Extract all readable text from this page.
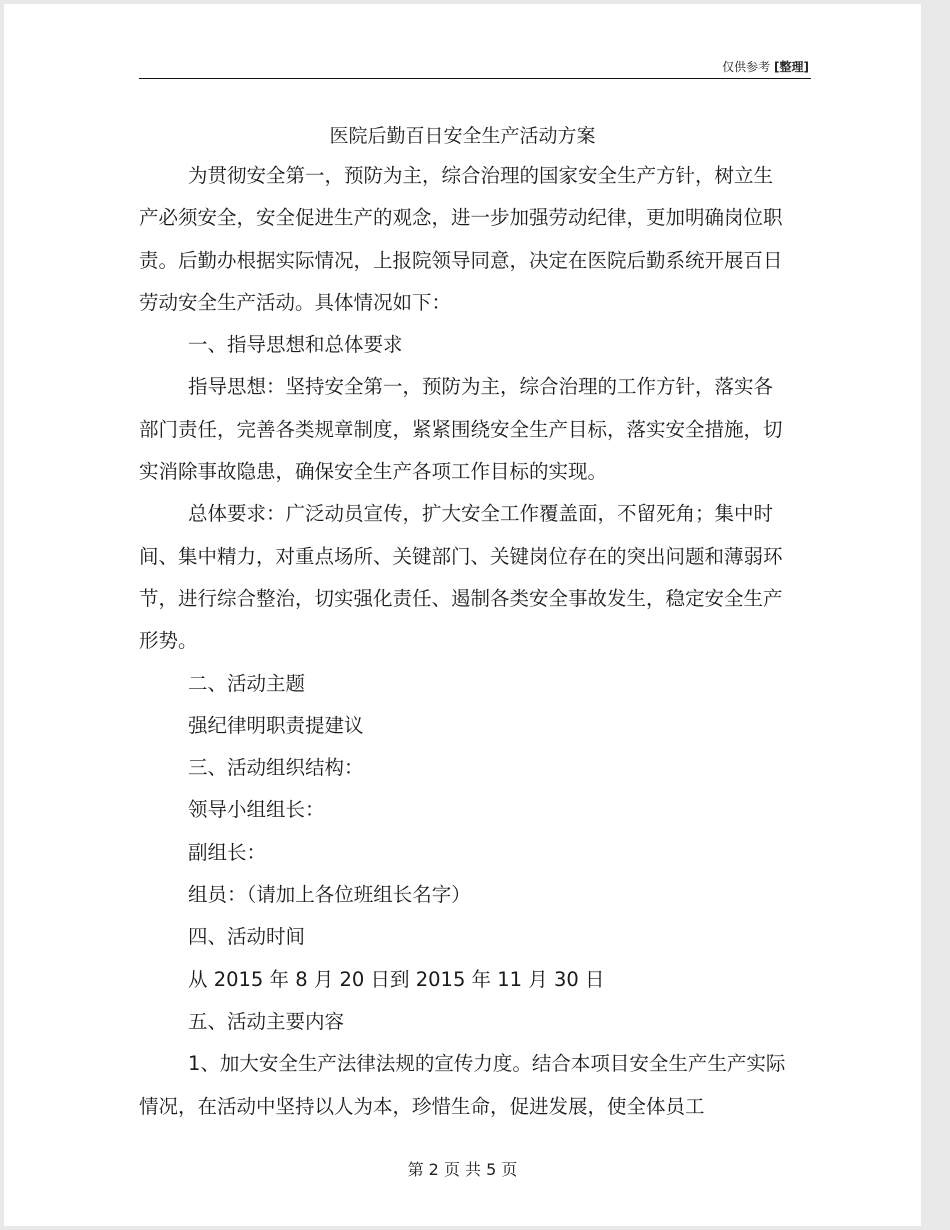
仅供参考 [整理]
医院后勤百日安全生产活动方案

为贯彻安全第一，预防为主，综合治理的国家安全生产方针，树立生产必须安全，安全促进生产的观念，进一步加强劳动纪律，更加明确岗位职责。后勤办根据实际情况，上报院领导同意，决定在医院后勤系统开展百日劳动安全生产活动。具体情况如下：

一、指导思想和总体要求

指导思想：坚持安全第一，预防为主，综合治理的工作方针，落实各部门责任，完善各类规章制度，紧紧围绕安全生产目标，落实安全措施，切实消除事故隐患，确保安全生产各项工作目标的实现。

总体要求：广泛动员宣传，扩大安全工作覆盖面，不留死角；集中时间、集中精力，对重点场所、关键部门、关键岗位存在的突出问题和薄弱环节，进行综合整治，切实强化责任、遏制各类安全事故发生，稳定安全生产形势。

二、活动主题

强纪律明职责提建议

三、活动组织结构：

领导小组组长：

副组长：

组员：（请加上各位班组长名字）

四、活动时间

从 2015 年 8 月 20 日到 2015 年 11 月 30 日

五、活动主要内容

1、加大安全生产法律法规的宣传力度。结合本项目安全生产生产实际情况，在活动中坚持以人为本，珍惜生命，促进发展，使全体员工

第 2 页 共 5 页
